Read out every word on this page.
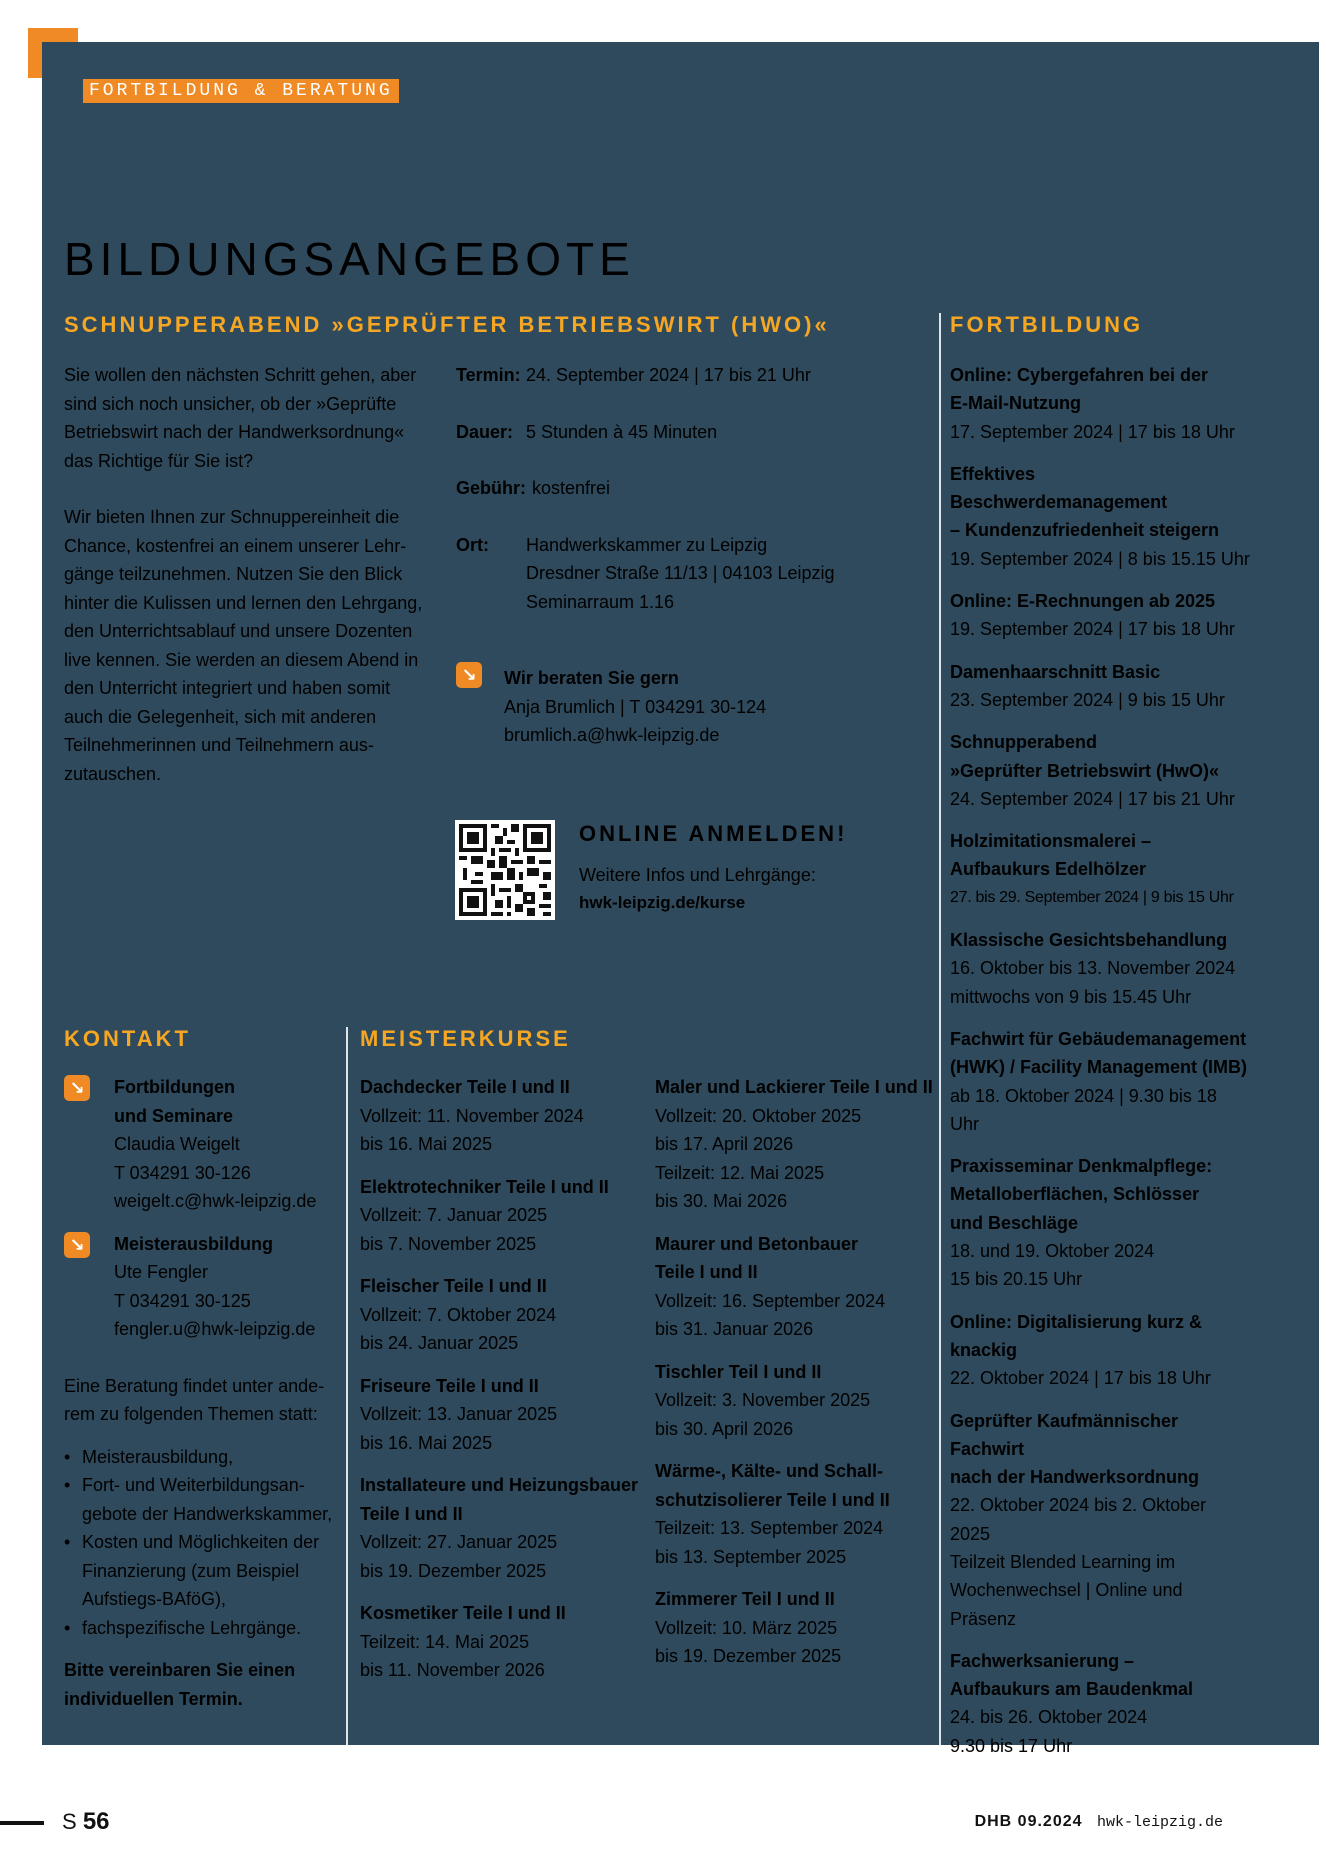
FORTBILDUNG & BERATUNG
BILDUNGSANGEBOTE
SCHNUPPERABEND »GEPRÜFTER BETRIEBSWIRT (HWO)«	FORTBILDUNG
KONTAKT	MEISTERKURSE

Sie wollen den nächsten Schritt gehen, aber

sind sich noch unsicher, ob der »Geprüfte

Betriebswirt nach der Handwerksordnung«

das Richtige für Sie ist?

Wir bieten Ihnen zur Schnuppereinheit die

Chance, kostenfrei an einem unserer Lehr-

gänge teilzunehmen. Nutzen Sie den Blick

hinter die Kulissen und lernen den Lehrgang,

den Unterrichtsablauf und unsere Dozenten

live kennen. Sie werden an diesem Abend in

den Unterricht integriert und haben somit

auch die Gelegenheit, sich mit anderen

Teilnehmerinnen und Teilnehmern aus-

zutauschen.

Termin: 24. September 2024 | 17 bis 21 Uhr
Dauer: 5 Stunden à 45 Minuten
Gebühr: kostenfrei
Ort:	Handwerkskammer zu Leipzig

Dresdner Straße 11/13 | 04103 Leipzig

Seminarraum 1.16

↘

Wir beraten Sie gern

Anja Brumlich | T 034291 30-124

brumlich.a@hwk-leipzig.de

ONLINE ANMELDEN!

Weitere Infos und Lehrgänge:

hwk-leipzig.de/kurse

↘

Fortbildungen

und Seminare

Claudia Weigelt

T 034291 30-126

weigelt.c@hwk-leipzig.de

↘

Meisterausbildung

Ute Fengler

T 034291 30-125

fengler.u@hwk-leipzig.de

Eine Beratung findet unter ande-

rem zu folgenden Themen statt:

• Meisterausbildung,
• Fort- und Weiterbildungsan-
gebote der Handwerkskammer,
• Kosten und Möglichkeiten der
Finanzierung (zum Beispiel
Aufstiegs-BAföG),
• fachspezifische Lehrgänge.

Bitte vereinbaren Sie einen

individuellen Termin.

Dachdecker Teile I und II

Vollzeit: 11. November 2024

bis 16. Mai 2025

Elektrotechniker Teile I und II

Vollzeit: 7. Januar 2025

bis 7. November 2025

Fleischer Teile I und II

Vollzeit: 7. Oktober 2024

bis 24. Januar 2025

Friseure Teile I und II

Vollzeit: 13. Januar 2025

bis 16. Mai 2025

Installateure und Heizungsbauer

Teile I und II

Vollzeit: 27. Januar 2025

bis 19. Dezember 2025

Kosmetiker Teile I und II

Teilzeit: 14. Mai 2025

bis 11. November 2026

Maler und Lackierer Teile I und II

Vollzeit: 20. Oktober 2025

bis 17. April 2026

Teilzeit: 12. Mai 2025

bis 30. Mai 2026

Maurer und Betonbauer

Teile I und II

Vollzeit: 16. September 2024

bis 31. Januar 2026

Tischler Teil I und II

Vollzeit: 3. November 2025

bis 30. April 2026

Wärme-, Kälte- und Schall-

schutzisolierer Teile I und II

Teilzeit: 13. September 2024

bis 13. September 2025

Zimmerer Teil I und II

Vollzeit: 10. März 2025

bis 19. Dezember 2025

Online: Cybergefahren bei der

E-Mail-Nutzung

17. September 2024 | 17 bis 18 Uhr

Effektives Beschwerdemanagement

– Kundenzufriedenheit steigern

19. September 2024 | 8 bis 15.15 Uhr

Online: E-Rechnungen ab 2025

19. September 2024 | 17 bis 18 Uhr

Damenhaarschnitt Basic

23. September 2024 | 9 bis 15 Uhr

Schnupperabend

»Geprüfter Betriebswirt (HwO)«

24. September 2024 | 17 bis 21 Uhr

Holzimitationsmalerei –

Aufbaukurs Edelhölzer

27. bis 29. September 2024 | 9 bis 15 Uhr

Klassische Gesichtsbehandlung

16. Oktober bis 13. November 2024

mittwochs von 9 bis 15.45 Uhr

Fachwirt für Gebäudemanagement

(HWK) / Facility Management (IMB)

ab 18. Oktober 2024 | 9.30 bis 18 Uhr

Praxisseminar Denkmalpflege:

Metalloberflächen, Schlösser

und Beschläge

18. und 19. Oktober 2024

15 bis 20.15 Uhr

Online: Digitalisierung kurz & knackig

22. Oktober 2024 | 17 bis 18 Uhr

Geprüfter Kaufmännischer Fachwirt

nach der Handwerksordnung

22. Oktober 2024 bis 2. Oktober 2025

Teilzeit Blended Learning im

Wochenwechsel | Online und

Präsenz

Fachwerksanierung –

Aufbaukurs am Baudenkmal

24. bis 26. Oktober 2024

9.30 bis 17 Uhr

S 56	DHB 09.2024 hwk-leipzig.de
